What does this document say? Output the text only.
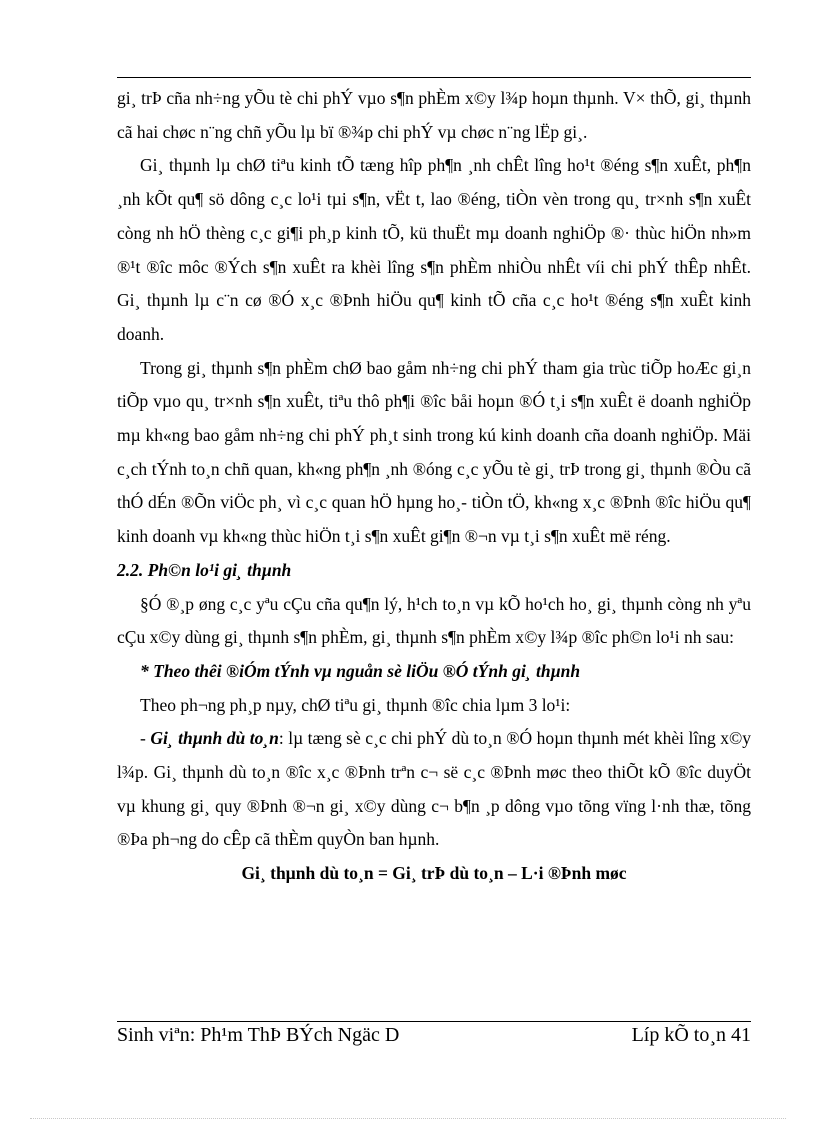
gi¸ trÞ cña nh÷ng yÕu tè chi phÝ vµo s¶n phÈm x©y l¾p hoµn thµnh. V× thÕ, gi¸ thµnh cã hai chøc n¨ng chñ yÕu lµ bï ®¾p chi phÝ vµ chøc n¨ng lËp gi¸.

Gi¸ thµnh lµ chØ tiªu kinh tÕ tæng hîp ph¶n ¸nh chÊt lîng ho¹t ®éng s¶n xuÊt, ph¶n ¸nh kÕt qu¶ sö dông c¸c lo¹i tµi s¶n, vËt t, lao ®éng, tiÒn vèn trong qu¸ tr×nh s¶n xuÊt còng nh hÖ thèng c¸c gi¶i ph¸p kinh tÕ, kü thuËt mµ doanh nghiÖp ®· thùc hiÖn nh»m ®¹t ®îc môc ®Ých s¶n xuÊt ra khèi lîng s¶n phÈm nhiÒu nhÊt víi chi phÝ thÊp nhÊt. Gi¸ thµnh lµ c¨n cø ®Ó x¸c ®Þnh hiÖu qu¶ kinh tÕ cña c¸c ho¹t ®éng s¶n xuÊt kinh doanh.

Trong gi¸ thµnh s¶n phÈm chØ bao gåm nh÷ng chi phÝ tham gia trùc tiÕp hoÆc gi¸n tiÕp vµo qu¸ tr×nh s¶n xuÊt, tiªu thô ph¶i ®îc båi hoµn ®Ó t¸i s¶n xuÊt ë doanh nghiÖp mµ kh«ng bao gåm nh÷ng chi phÝ ph¸t sinh trong kú kinh doanh cña doanh nghiÖp. Mäi c¸ch tÝnh to¸n chñ quan, kh«ng ph¶n ¸nh ®óng c¸c yÕu tè gi¸ trÞ trong gi¸ thµnh ®Òu cã thÓ dÉn ®Õn viÖc ph¸ vì c¸c quan hÖ hµng ho¸- tiÒn tÖ, kh«ng x¸c ®Þnh ®îc hiÖu qu¶ kinh doanh vµ kh«ng thùc hiÖn t¸i s¶n xuÊt gi¶n ®¬n vµ t¸i s¶n xuÊt më réng.

2.2. Ph©n lo¹i gi¸ thµnh

§Ó ®¸p øng c¸c yªu cÇu cña qu¶n lý, h¹ch to¸n vµ kÕ ho¹ch ho¸ gi¸ thµnh còng nh yªu cÇu x©y dùng gi¸ thµnh s¶n phÈm, gi¸ thµnh s¶n phÈm x©y l¾p ®îc ph©n lo¹i nh sau:

* Theo thêi ®iÓm tÝnh vµ nguån sè liÖu ®Ó tÝnh gi¸ thµnh

Theo ph¬ng ph¸p nµy, chØ tiªu gi¸ thµnh ®îc chia lµm 3 lo¹i:

- Gi¸ thµnh dù to¸n: lµ tæng sè c¸c chi phÝ dù to¸n ®Ó hoµn thµnh mét khèi lîng x©y l¾p. Gi¸ thµnh dù to¸n ®îc x¸c ®Þnh trªn c¬ së c¸c ®Þnh møc theo thiÕt kÕ ®îc duyÖt vµ khung gi¸ quy ®Þnh ®¬n gi¸ x©y dùng c¬ b¶n ¸p dông vµo tõng vïng l·nh thæ, tõng ®Þa ph¬ng do cÊp cã thÈm quyÒn ban hµnh.

Gi¸ thµnh dù to¸n = Gi¸ trÞ dù to¸n – L·i ®Þnh møc

Sinh viªn: Ph¹m ThÞ BÝch Ngäc D	Líp kÕ to¸n 41
